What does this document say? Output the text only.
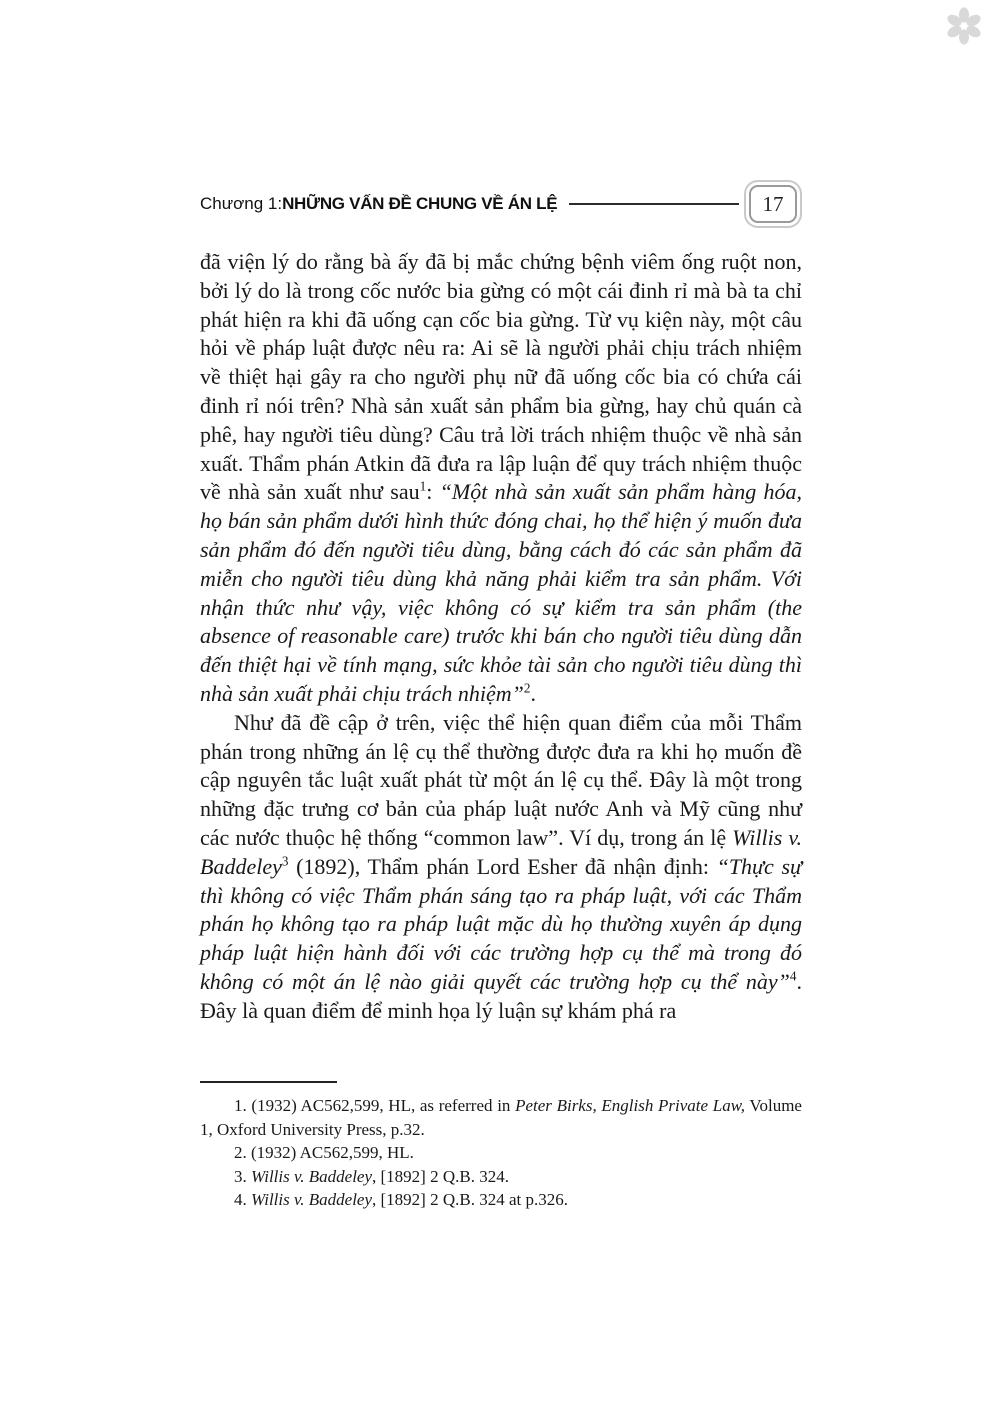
Chương 1: NHỮNG VẤN ĐỀ CHUNG VỀ ÁN LỆ	17

đã viện lý do rằng bà ấy đã bị mắc chứng bệnh viêm ống ruột non, bởi lý do là trong cốc nước bia gừng có một cái đinh rỉ mà bà ta chỉ phát hiện ra khi đã uống cạn cốc bia gừng. Từ vụ kiện này, một câu hỏi về pháp luật được nêu ra: Ai sẽ là người phải chịu trách nhiệm về thiệt hại gây ra cho người phụ nữ đã uống cốc bia có chứa cái đinh rỉ nói trên? Nhà sản xuất sản phẩm bia gừng, hay chủ quán cà phê, hay người tiêu dùng? Câu trả lời trách nhiệm thuộc về nhà sản xuất. Thẩm phán Atkin đã đưa ra lập luận để quy trách nhiệm thuộc về nhà sản xuất như sau$^1$: “Một nhà sản xuất sản phẩm hàng hóa, họ bán sản phẩm dưới hình thức đóng chai, họ thể hiện ý muốn đưa sản phẩm đó đến người tiêu dùng, bằng cách đó các sản phẩm đã miễn cho người tiêu dùng khả năng phải kiểm tra sản phẩm. Với nhận thức như vậy, việc không có sự kiểm tra sản phẩm (the absence of reasonable care) trước khi bán cho người tiêu dùng dẫn đến thiệt hại về tính mạng, sức khỏe tài sản cho người tiêu dùng thì nhà sản xuất phải chịu trách nhiệm”$^2$.

Như đã đề cập ở trên, việc thể hiện quan điểm của mỗi Thẩm phán trong những án lệ cụ thể thường được đưa ra khi họ muốn đề cập nguyên tắc luật xuất phát từ một án lệ cụ thể. Đây là một trong những đặc trưng cơ bản của pháp luật nước Anh và Mỹ cũng như các nước thuộc hệ thống “common law”. Ví dụ, trong án lệ Willis v. Baddeley$^3$ (1892), Thẩm phán Lord Esher đã nhận định: “Thực sự thì không có việc Thẩm phán sáng tạo ra pháp luật, với các Thẩm phán họ không tạo ra pháp luật mặc dù họ thường xuyên áp dụng pháp luật hiện hành đối với các trường hợp cụ thể mà trong đó không có một án lệ nào giải quyết các trường hợp cụ thể này”$^4$. Đây là quan điểm để minh họa lý luận sự khám phá ra

1. (1932) AC562,599, HL, as referred in Peter Birks, English Private Law, Volume 1, Oxford University Press, p.32.

2. (1932) AC562,599, HL.

3. Willis v. Baddeley, [1892] 2 Q.B. 324.

4. Willis v. Baddeley, [1892] 2 Q.B. 324 at p.326.
